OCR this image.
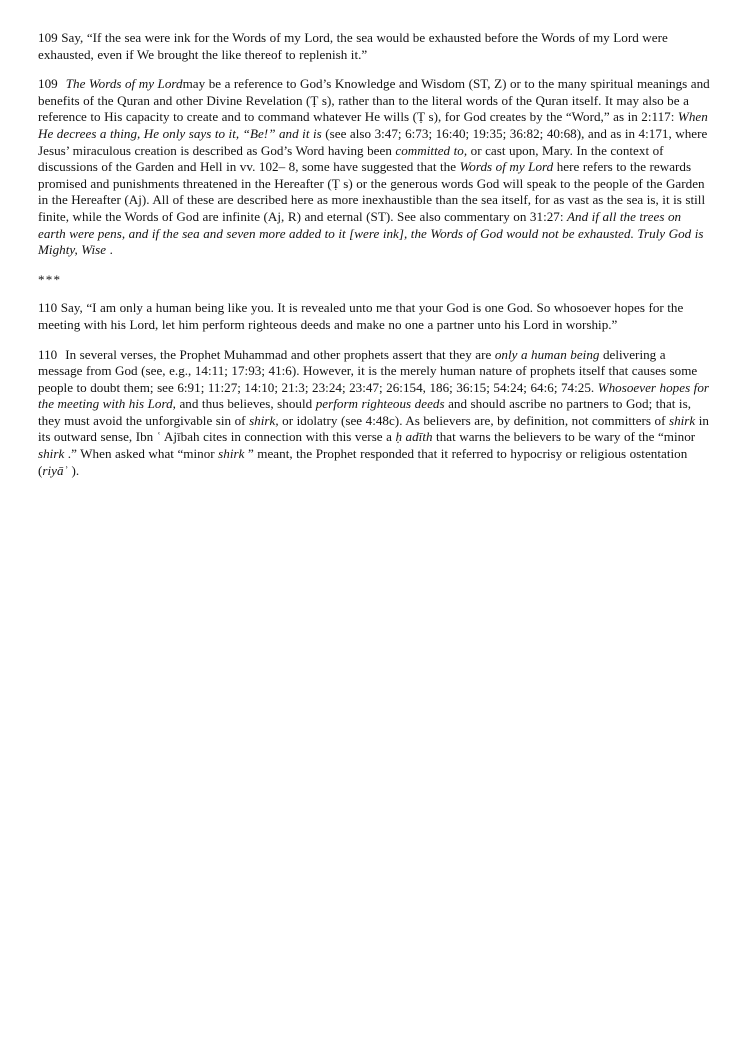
109 Say, “If the sea were ink for the Words of my Lord, the sea would be exhausted before the Words of my Lord were exhausted, even if We brought the like thereof to replenish it.”

109 The Words of my Lordmay be a reference to God’s Knowledge and Wisdom (ST, Z) or to the many spiritual meanings and benefits of the Quran and other Divine Revelation (Ṭ s), rather than to the literal words of the Quran itself. It may also be a reference to His capacity to create and to command whatever He wills (Ṭ s), for God creates by the “Word,” as in 2:117: When He decrees a thing, He only says to it, “Be!” and it is (see also 3:47; 6:73; 16:40; 19:35; 36:82; 40:68), and as in 4:171, where Jesus’ miraculous creation is described as God’s Word having been committed to, or cast upon, Mary. In the context of discussions of the Garden and Hell in vv. 102– 8, some have suggested that the Words of my Lord here refers to the rewards promised and punishments threatened in the Hereafter (Ṭ s) or the generous words God will speak to the people of the Garden in the Hereafter (Aj). All of these are described here as more inexhaustible than the sea itself, for as vast as the sea is, it is still finite, while the Words of God are infinite (Aj, R) and eternal (ST). See also commentary on 31:27: And if all the trees on earth were pens, and if the sea and seven more added to it [were ink], the Words of God would not be exhausted. Truly God is Mighty, Wise .

***

110 Say, “I am only a human being like you. It is revealed unto me that your God is one God. So whosoever hopes for the meeting with his Lord, let him perform righteous deeds and make no one a partner unto his Lord in worship.”

110 In several verses, the Prophet Muhammad and other prophets assert that they are only a human being delivering a message from God (see, e.g., 14:11; 17:93; 41:6). However, it is the merely human nature of prophets itself that causes some people to doubt them; see 6:91; 11:27; 14:10; 21:3; 23:24; 23:47; 26:154, 186; 36:15; 54:24; 64:6; 74:25. Whosoever hopes for the meeting with his Lord, and thus believes, should perform righteous deeds and should ascribe no partners to God; that is, they must avoid the unforgivable sin of shirk, or idolatry (see 4:48c). As believers are, by definition, not committers of shirk in its outward sense, Ibn ʿ Ajībah cites in connection with this verse a ḥ adīth that warns the believers to be wary of the “minor shirk .” When asked what “minor shirk ” meant, the Prophet responded that it referred to hypocrisy or religious ostentation (riyāʾ ).
